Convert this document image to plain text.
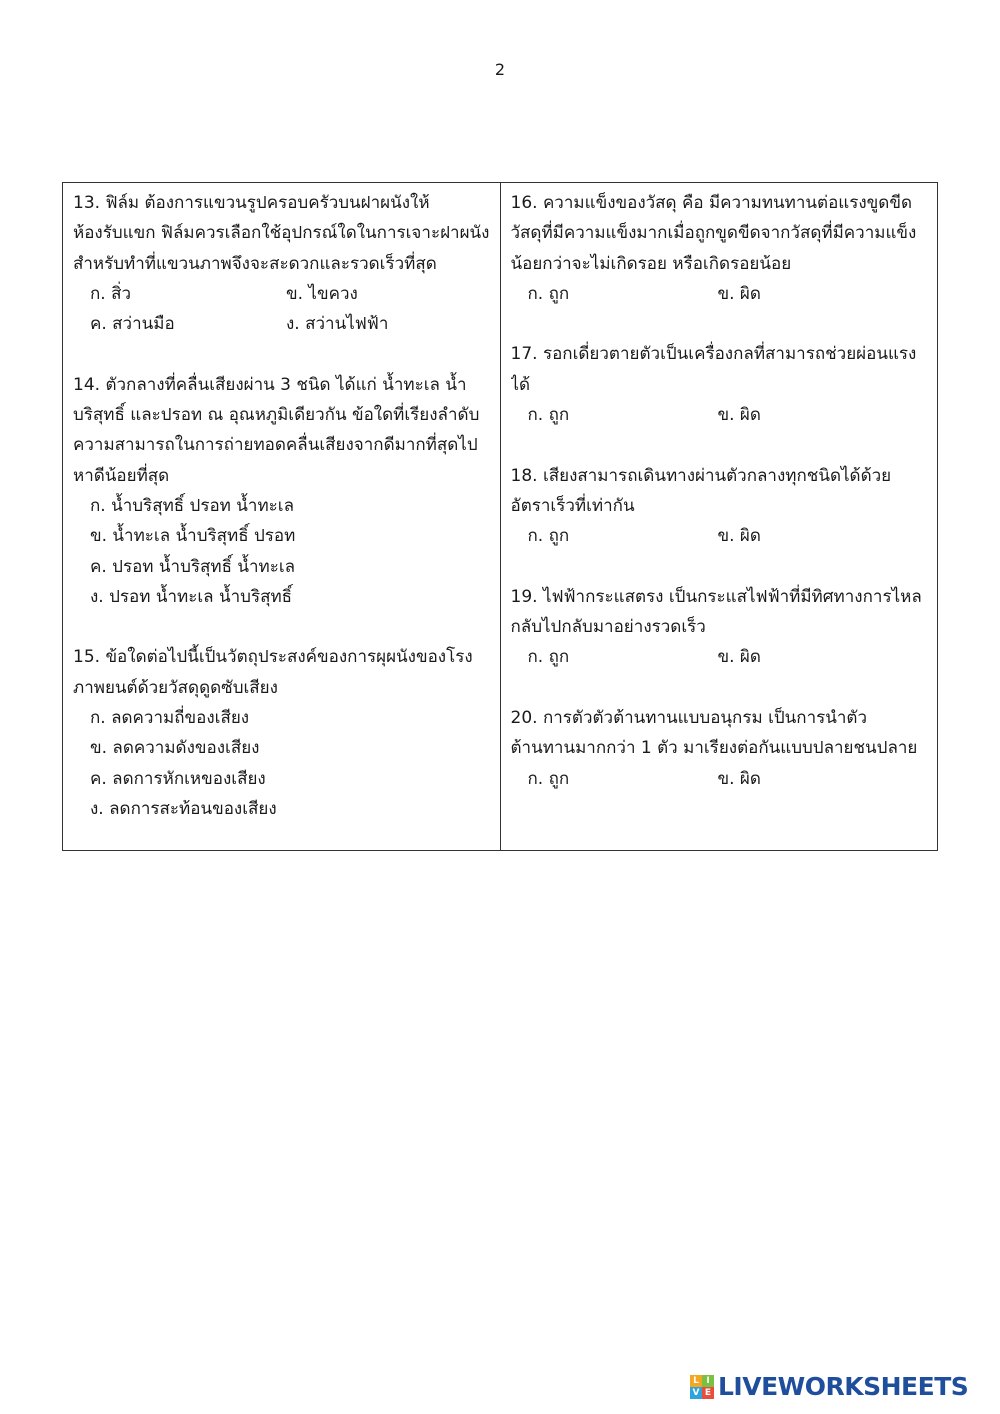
2
13. ฟิล์ม ต้องการแขวนรูปครอบครัวบนฝาผนังให้
ห้องรับแขก ฟิล์มควรเลือกใช้อุปกรณ์ใดในการเจาะฝาผนัง
สำหรับทำที่แขวนภาพจึงจะสะดวกและรวดเร็วที่สุด
ก. สิ่ว	ข. ไขควง
ค. สว่านมือ	ง. สว่านไฟฟ้า
14. ตัวกลางที่คลื่นเสียงผ่าน 3 ชนิด ได้แก่ น้ำทะเล น้ำ
บริสุทธิ์ และปรอท ณ อุณหภูมิเดียวกัน ข้อใดที่เรียงลำดับ
ความสามารถในการถ่ายทอดคลื่นเสียงจากดีมากที่สุดไป
หาดีน้อยที่สุด
ก. น้ำบริสุทธิ์ ปรอท น้ำทะเล
ข. น้ำทะเล น้ำบริสุทธิ์ ปรอท
ค. ปรอท น้ำบริสุทธิ์ น้ำทะเล
ง. ปรอท น้ำทะเล น้ำบริสุทธิ์
15. ข้อใดต่อไปนี้เป็นวัตถุประสงค์ของการผุผนังของโรง
ภาพยนต์ด้วยวัสดุดูดซับเสียง
ก. ลดความถี่ของเสียง
ข. ลดความดังของเสียง
ค. ลดการหักเหของเสียง
ง. ลดการสะท้อนของเสียง
16. ความแข็งของวัสดุ คือ มีความทนทานต่อแรงขูดขีด
วัสดุที่มีความแข็งมากเมื่อถูกขูดขีดจากวัสดุที่มีความแข็ง
น้อยกว่าจะไม่เกิดรอย หรือเกิดรอยน้อย
ก. ถูก	ข. ผิด
17. รอกเดี่ยวตายตัวเป็นเครื่องกลที่สามารถช่วยผ่อนแรง
ได้
ก. ถูก	ข. ผิด
18. เสียงสามารถเดินทางผ่านตัวกลางทุกชนิดได้ด้วย
อัตราเร็วที่เท่ากัน
ก. ถูก	ข. ผิด
19. ไฟฟ้ากระแสตรง เป็นกระแสไฟฟ้าที่มีทิศทางการไหล
กลับไปกลับมาอย่างรวดเร็ว
ก. ถูก	ข. ผิด
20. การตัวตัวต้านทานแบบอนุกรม เป็นการนำตัว
ต้านทานมากกว่า 1 ตัว มาเรียงต่อกันแบบปลายชนปลาย
ก. ถูก	ข. ผิด
L I
V E LIVEWORKSHEETS
